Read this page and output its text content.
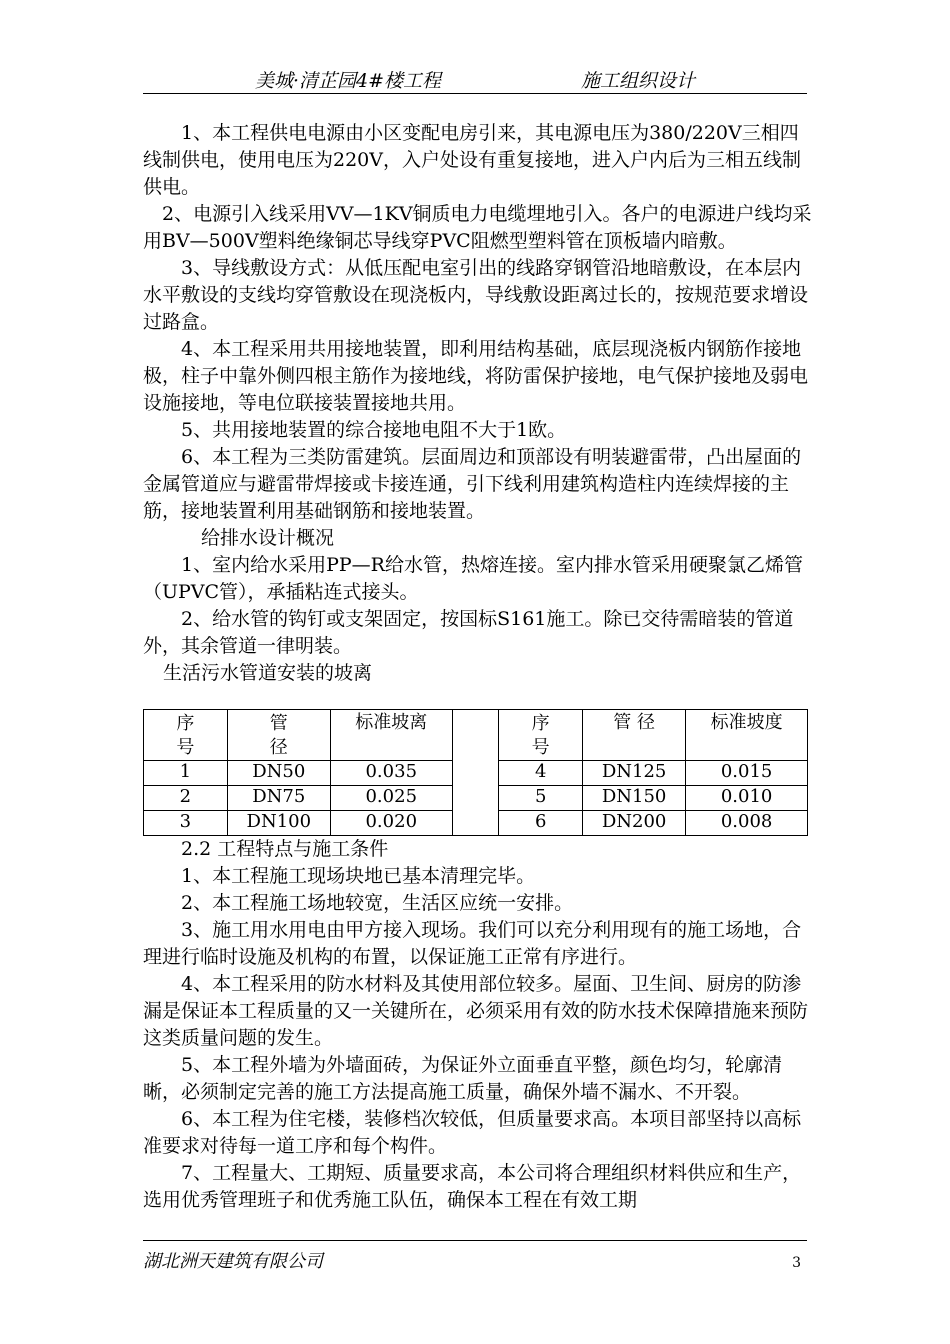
美城·清芷园4#楼工程	施工组织设计

1、本工程供电电源由小区变配电房引来，其电源电压为380/220V三相四线制供电，使用电压为220V，入户处设有重复接地，进入户内后为三相五线制供电。

2、电源引入线采用VV—1KV铜质电力电缆埋地引入。各户的电源进户线均采用BV—500V塑料绝缘铜芯导线穿PVC阻燃型塑料管在顶板墙内暗敷。

3、导线敷设方式：从低压配电室引出的线路穿钢管沿地暗敷设，在本层内水平敷设的支线均穿管敷设在现浇板内，导线敷设距离过长的，按规范要求增设过路盒。

4、本工程采用共用接地装置，即利用结构基础，底层现浇板内钢筋作接地极，柱子中靠外侧四根主筋作为接地线，将防雷保护接地，电气保护接地及弱电设施接地，等电位联接装置接地共用。

5、共用接地装置的综合接地电阻不大于1欧。

6、本工程为三类防雷建筑。层面周边和顶部设有明装避雷带，凸出屋面的金属管道应与避雷带焊接或卡接连通，引下线利用建筑构造柱内连续焊接的主筋，接地装置利用基础钢筋和接地装置。

给排水设计概况

1、室内给水采用PP—R给水管，热熔连接。室内排水管采用硬聚氯乙烯管（UPVC管），承插粘连式接头。

2、给水管的钩钉或支架固定，按国标S161施工。除已交待需暗装的管道外，其余管道一律明装。

生活污水管道安装的坡离

序号	管径	标准坡离		序号	管 径	标准坡度
1	DN50	0.035		4	DN125	0.015
2	DN75	0.025		5	DN150	0.010
3	DN100	0.020		6	DN200	0.008

2.2 工程特点与施工条件

1、本工程施工现场块地已基本清理完毕。

2、本工程施工场地较宽，生活区应统一安排。

3、施工用水用电由甲方接入现场。我们可以充分利用现有的施工场地，合理进行临时设施及机构的布置，以保证施工正常有序进行。

4、本工程采用的防水材料及其使用部位较多。屋面、卫生间、厨房的防渗漏是保证本工程质量的又一关键所在，必须采用有效的防水技术保障措施来预防这类质量问题的发生。

5、本工程外墙为外墙面砖，为保证外立面垂直平整，颜色均匀，轮廓清晰，必须制定完善的施工方法提高施工质量，确保外墙不漏水、不开裂。

6、本工程为住宅楼，装修档次较低，但质量要求高。本项目部坚持以高标准要求对待每一道工序和每个构件。

7、工程量大、工期短、质量要求高，本公司将合理组织材料供应和生产，选用优秀管理班子和优秀施工队伍，确保本工程在有效工期

湖北洲天建筑有限公司	3
